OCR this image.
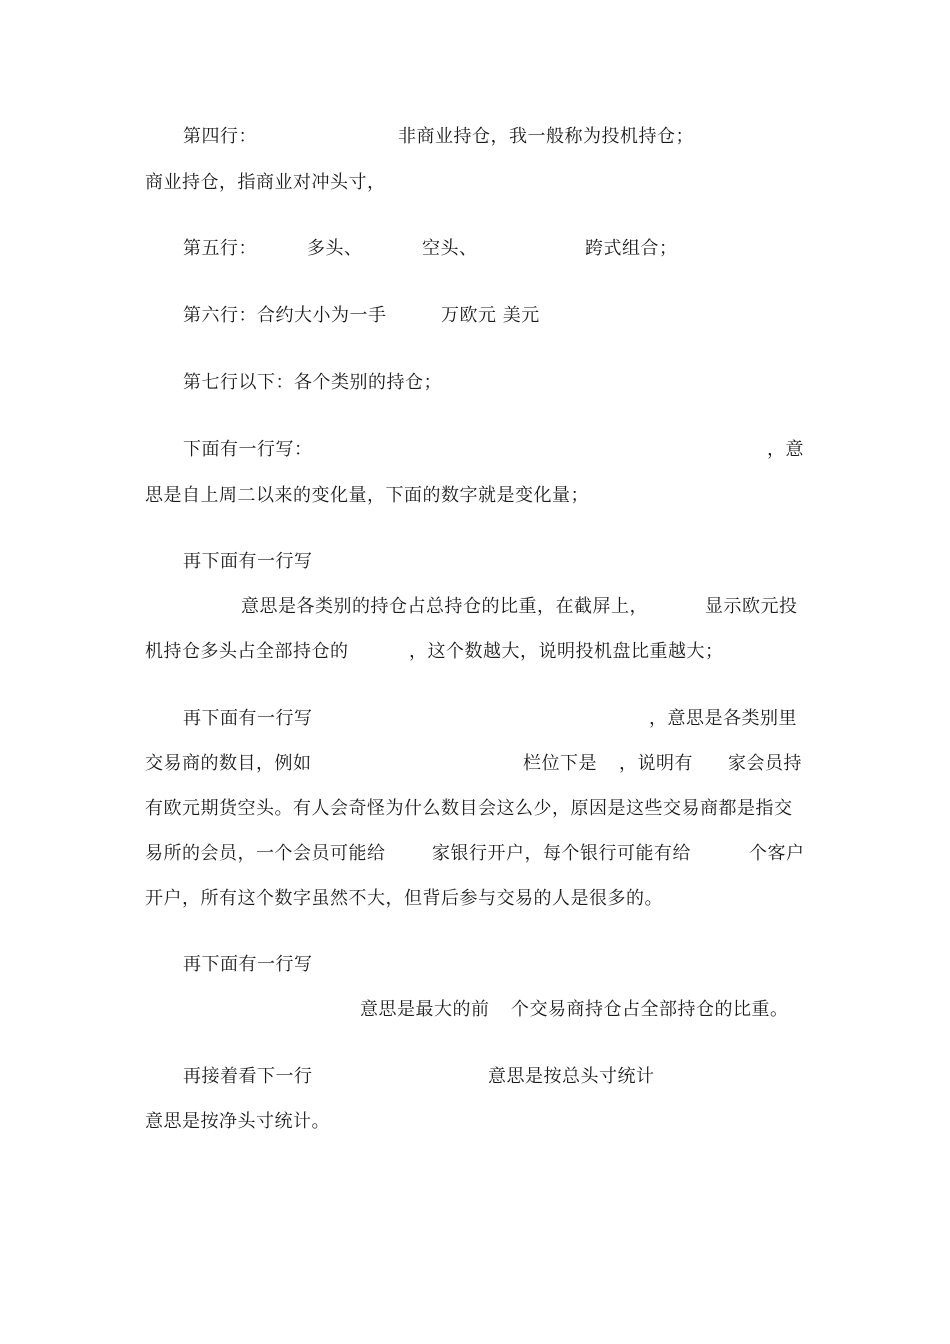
第四行：	非商业持仓，我一般称为投机持仓；
商业持仓，指商业对冲头寸，
第五行：	多头、	空头、	跨式组合；
第六行：合约大小为一手	万欧元 美元
第七行以下：各个类别的持仓；
下面有一行写：	，意
思是自上周二以来的变化量，下面的数字就是变化量；
再下面有一行写
意思是各类别的持仓占总持仓的比重，在截屏上，	显示欧元投
机持仓多头占全部持仓的	，这个数越大，说明投机盘比重越大；
再下面有一行写	，意思是各类别里
交易商的数目，例如	栏位下是 ，说明有 家会员持
有欧元期货空头。有人会奇怪为什么数目会这么少，原因是这些交易商都是指交
易所的会员，一个会员可能给	家银行开户，每个银行可能有给	个客户
开户，所有这个数字虽然不大，但背后参与交易的人是很多的。
再下面有一行写
意思是最大的前 个交易商持仓占全部持仓的比重。
再接着看下一行	意思是按总头寸统计
意思是按净头寸统计。
